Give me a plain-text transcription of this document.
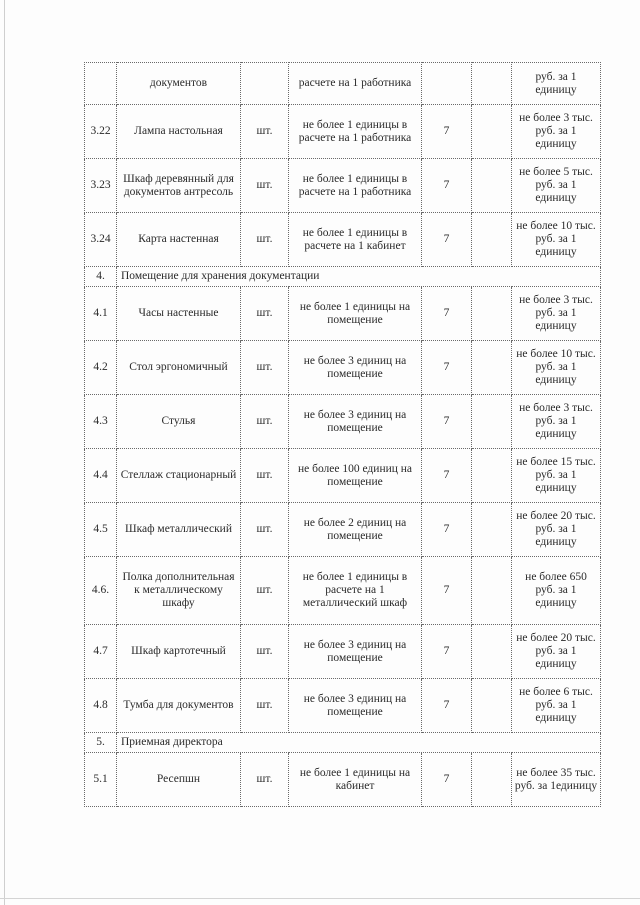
	документов		расчете на 1 работника			руб. за 1 единицу
3.22	Лампа настольная	шт.	не более 1 единицы в расчете на 1 работника	7		не более 3 тыс. руб. за 1 единицу
3.23	Шкаф деревянный для документов антресоль	шт.	не более 1 единицы в расчете на 1 работника	7		не более 5 тыс. руб. за 1 единицу
3.24	Карта настенная	шт.	не более 1 единицы в расчете на 1 кабинет	7		не более 10 тыс. руб. за 1 единицу
4.	Помещение для хранения документации					
4.1	Часы настенные	шт.	не более 1 единицы на помещение	7		не более 3 тыс. руб. за 1 единицу
4.2	Стол эргономичный	шт.	не более 3 единиц на помещение	7		не более 10 тыс. руб. за 1 единицу
4.3	Стулья	шт.	не более 3 единиц на помещение	7		не более 3 тыс. руб. за 1 единицу
4.4	Стеллаж стационарный	шт.	не более 100 единиц на помещение	7		не более 15 тыс. руб. за 1 единицу
4.5	Шкаф металлический	шт.	не более 2 единиц на помещение	7		не более 20 тыс. руб. за 1 единицу
4.6.	Полка дополнительная к металлическому шкафу	шт.	не более 1 единицы в расчете на 1 металлический шкаф	7		не более 650 руб. за 1 единицу
4.7	Шкаф картотечный	шт.	не более 3 единиц на помещение	7		не более 20 тыс. руб. за 1 единицу
4.8	Тумба для документов	шт.	не более 3 единиц на помещение	7		не более 6 тыс. руб. за 1 единицу
5.	Приемная директора					
5.1	Ресепшн	шт.	не более 1 единицы на кабинет	7		не более 35 тыс. руб. за 1единицу
